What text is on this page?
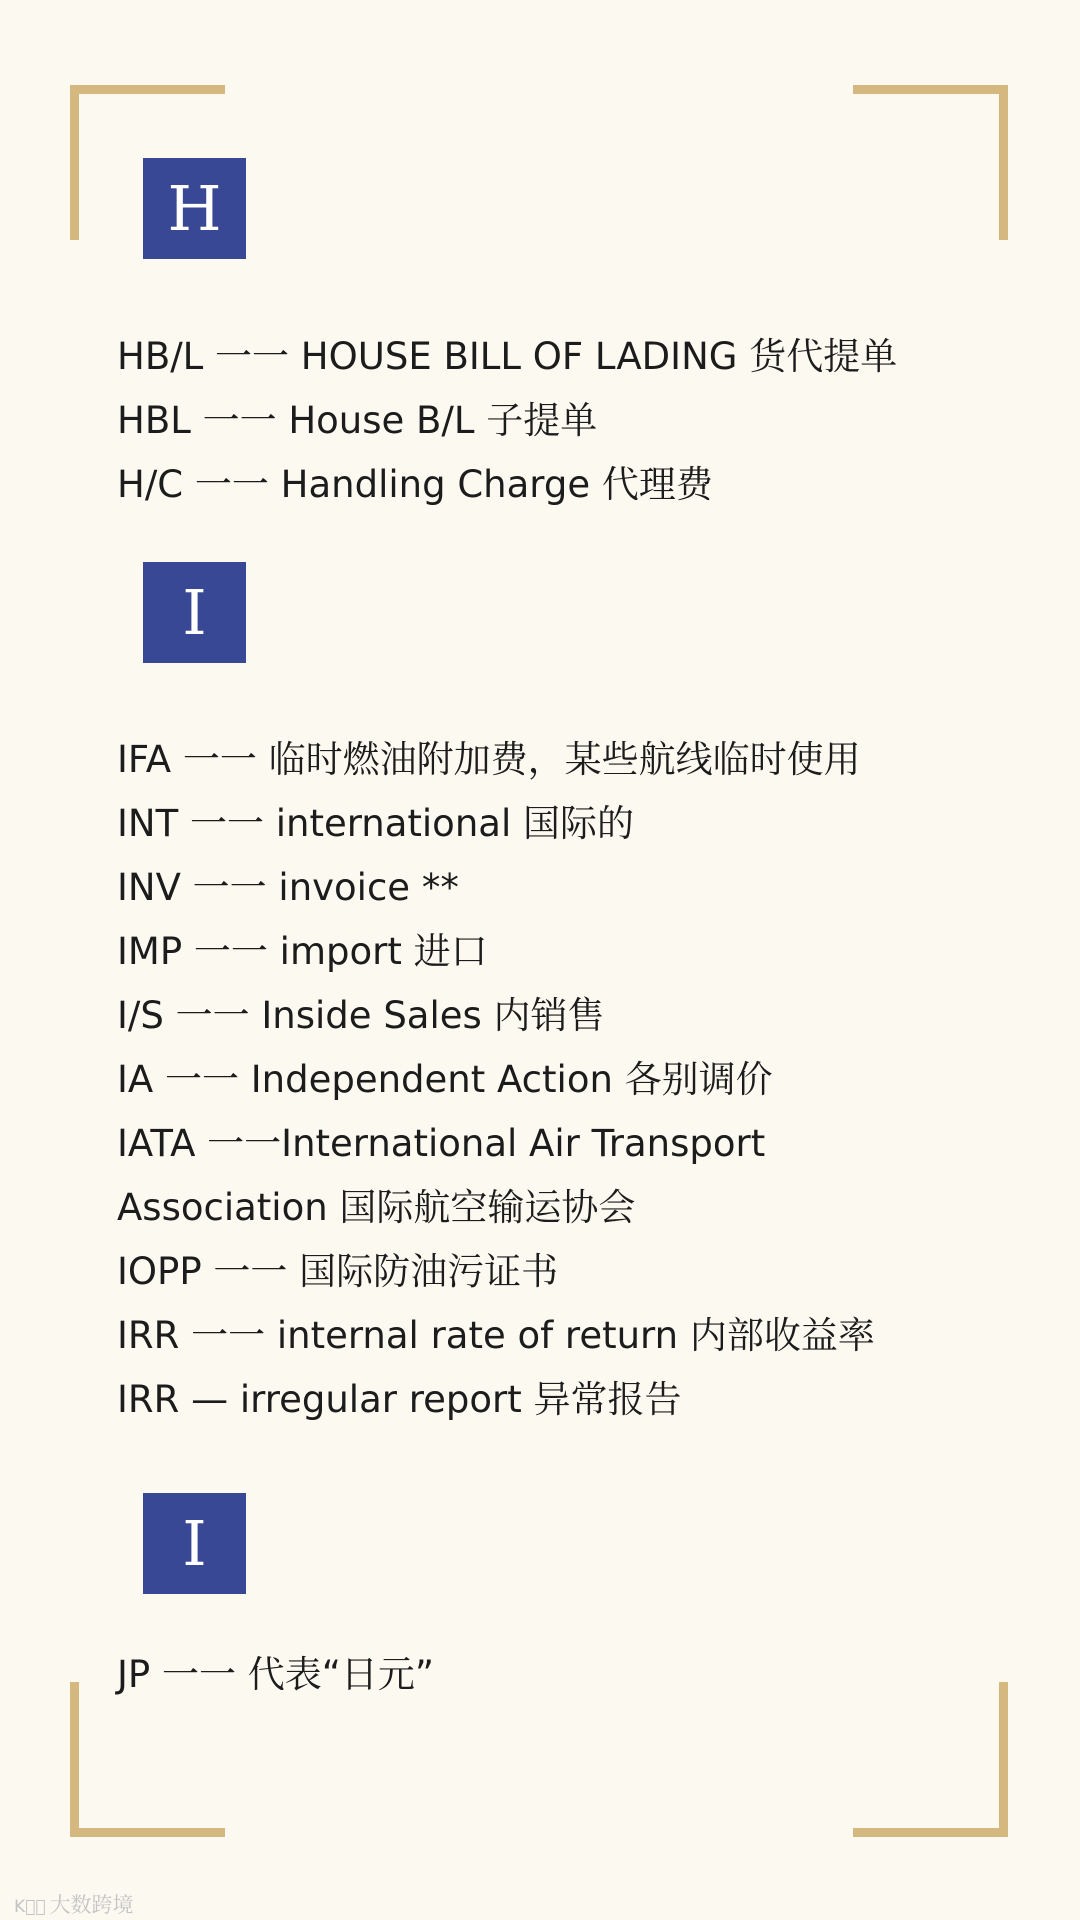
H
HB/L 一一 HOUSE BILL OF LADING 货代提单
HBL 一一 House B/L 子提单
H/C 一一 Handling Charge 代理费
I
IFA 一一 临时燃油附加费，某些航线临时使用
INT 一一 international 国际的
INV 一一 invoice **
IMP 一一 import 进口
I/S 一一 Inside Sales 内销售
IA 一一 Independent Action 各别调价
IATA 一一International Air Transport
Association 国际航空输运协会
IOPP 一一 国际防油污证书
IRR 一一 internal rate of return 内部收益率
IRR — irregular report 异常报告
I
JP 一一 代表“日元”
K⃝⃝ 大数跨境
